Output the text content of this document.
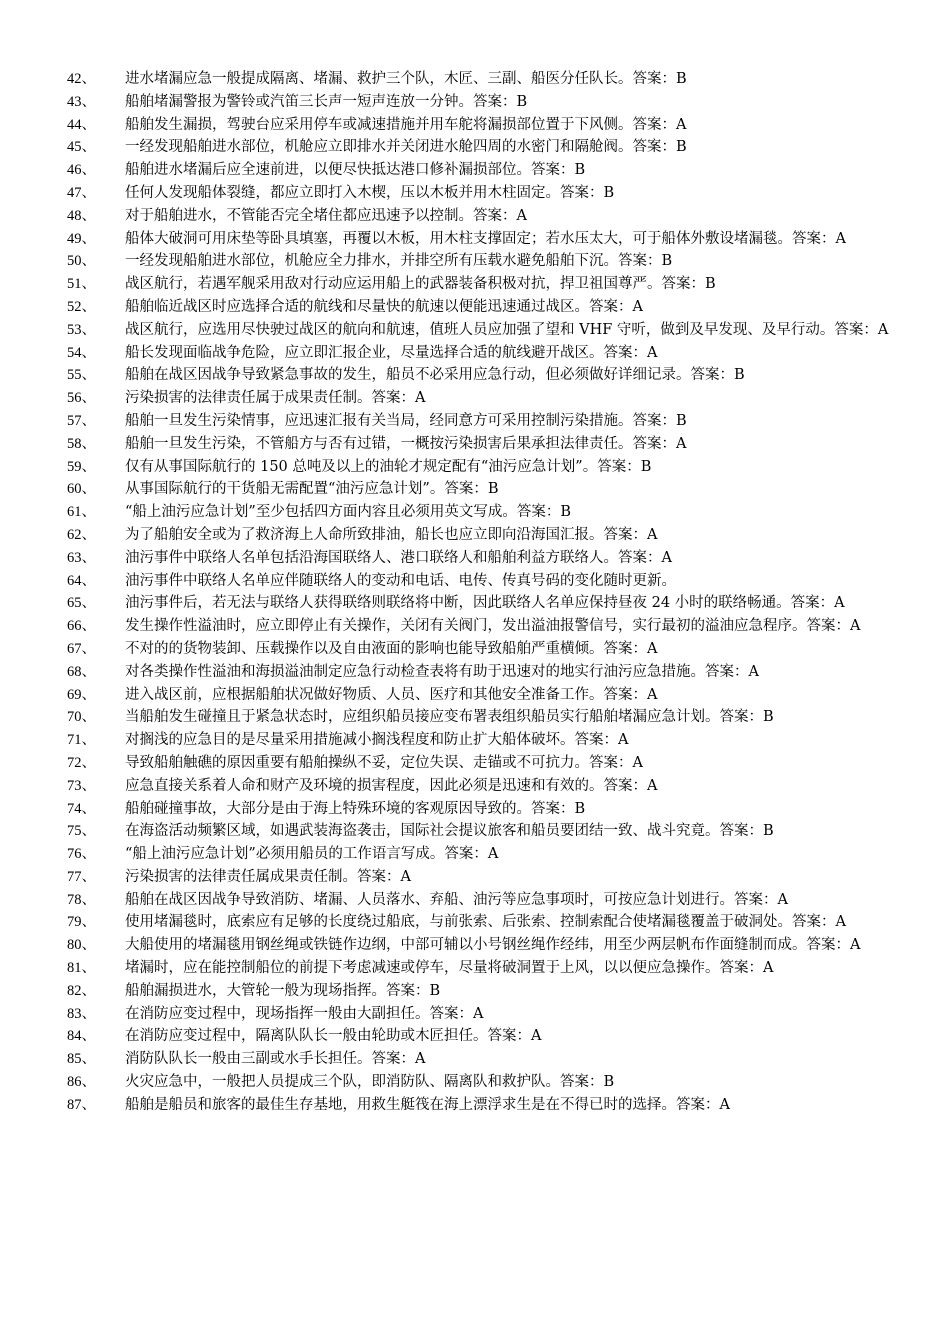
42、 进水堵漏应急一般提成隔离、堵漏、救护三个队，木匠、三副、船医分任队长。答案：B
43、 船舶堵漏警报为警铃或汽笛三长声一短声连放一分钟。答案：B
44、 船舶发生漏损，驾驶台应采用停车或减速措施并用车舵将漏损部位置于下风侧。答案：A
45、 一经发现船舶进水部位，机舱应立即排水并关闭进水舱四周的水密门和隔舱阀。答案：B
46、 船舶进水堵漏后应全速前进，以便尽快抵达港口修补漏损部位。答案：B
47、 任何人发现船体裂缝，都应立即打入木楔，压以木板并用木柱固定。答案：B
48、 对于船舶进水，不管能否完全堵住都应迅速予以控制。答案：A
49、 船体大破洞可用床垫等卧具填塞，再覆以木板，用木柱支撑固定；若水压太大，可于船体外敷设堵漏毯。答案：A
50、 一经发现船舶进水部位，机舱应全力排水，并排空所有压载水避免船舶下沉。答案：B
51、 战区航行，若遇军舰采用敌对行动应运用船上的武器装备积极对抗，捍卫祖国尊严。答案：B
52、 船舶临近战区时应选择合适的航线和尽量快的航速以便能迅速通过战区。答案：A
53、 战区航行，应选用尽快驶过战区的航向和航速，值班人员应加强了望和 VHF 守听，做到及早发现、及早行动。答案：A
54、 船长发现面临战争危险，应立即汇报企业，尽量选择合适的航线避开战区。答案：A
55、 船舶在战区因战争导致紧急事故的发生，船员不必采用应急行动，但必须做好详细记录。答案：B
56、 污染损害的法律责任属于成果责任制。答案：A
57、 船舶一旦发生污染情事，应迅速汇报有关当局，经同意方可采用控制污染措施。答案：B
58、 船舶一旦发生污染，不管船方与否有过错，一概按污染损害后果承担法律责任。答案：A
59、 仅有从事国际航行的 150 总吨及以上的油轮才规定配有“油污应急计划”。答案：B
60、 从事国际航行的干货船无需配置“油污应急计划”。答案：B
61、 “船上油污应急计划”至少包括四方面内容且必须用英文写成。答案：B
62、 为了船舶安全或为了救济海上人命所致排油，船长也应立即向沿海国汇报。答案：A
63、 油污事件中联络人名单包括沿海国联络人、港口联络人和船舶利益方联络人。答案：A
64、 油污事件中联络人名单应伴随联络人的变动和电话、电传、传真号码的变化随时更新。
65、 油污事件后，若无法与联络人获得联络则联络将中断，因此联络人名单应保持昼夜 24 小时的联络畅通。答案：A
66、 发生操作性溢油时，应立即停止有关操作，关闭有关阀门，发出溢油报警信号，实行最初的溢油应急程序。答案：A
67、 不对的的货物装卸、压载操作以及自由液面的影响也能导致船舶严重横倾。答案：A
68、 对各类操作性溢油和海损溢油制定应急行动检查表将有助于迅速对的地实行油污应急措施。答案：A
69、 进入战区前，应根据船舶状况做好物质、人员、医疗和其他安全准备工作。答案：A
70、 当船舶发生碰撞且于紧急状态时，应组织船员接应变布署表组织船员实行船舶堵漏应急计划。答案：B
71、 对搁浅的应急目的是尽量采用措施减小搁浅程度和防止扩大船体破坏。答案：A
72、 导致船舶触礁的原因重要有船舶操纵不妥，定位失误、走锚或不可抗力。答案：A
73、 应急直接关系着人命和财产及环境的损害程度，因此必须是迅速和有效的。答案：A
74、 船舶碰撞事故，大部分是由于海上特殊环境的客观原因导致的。答案：B
75、 在海盗活动频繁区域，如遇武装海盗袭击，国际社会提议旅客和船员要团结一致、战斗究竟。答案：B
76、 “船上油污应急计划”必须用船员的工作语言写成。答案：A
77、 污染损害的法律责任属成果责任制。答案：A
78、 船舶在战区因战争导致消防、堵漏、人员落水、弃船、油污等应急事项时，可按应急计划进行。答案：A
79、 使用堵漏毯时，底索应有足够的长度绕过船底，与前张索、后张索、控制索配合使堵漏毯覆盖于破洞处。答案：A
80、 大船使用的堵漏毯用钢丝绳或铁链作边纲，中部可辅以小号钢丝绳作经纬，用至少两层帆布作面缝制而成。答案：A
81、 堵漏时，应在能控制船位的前提下考虑减速或停车，尽量将破洞置于上风，以以便应急操作。答案：A
82、 船舶漏损进水，大管轮一般为现场指挥。答案：B
83、 在消防应变过程中，现场指挥一般由大副担任。答案：A
84、 在消防应变过程中，隔离队队长一般由轮助或木匠担任。答案：A
85、 消防队队长一般由三副或水手长担任。答案：A
86、 火灾应急中，一般把人员提成三个队，即消防队、隔离队和救护队。答案：B
87、 船舶是船员和旅客的最佳生存基地，用救生艇筏在海上漂浮求生是在不得已时的选择。答案：A
